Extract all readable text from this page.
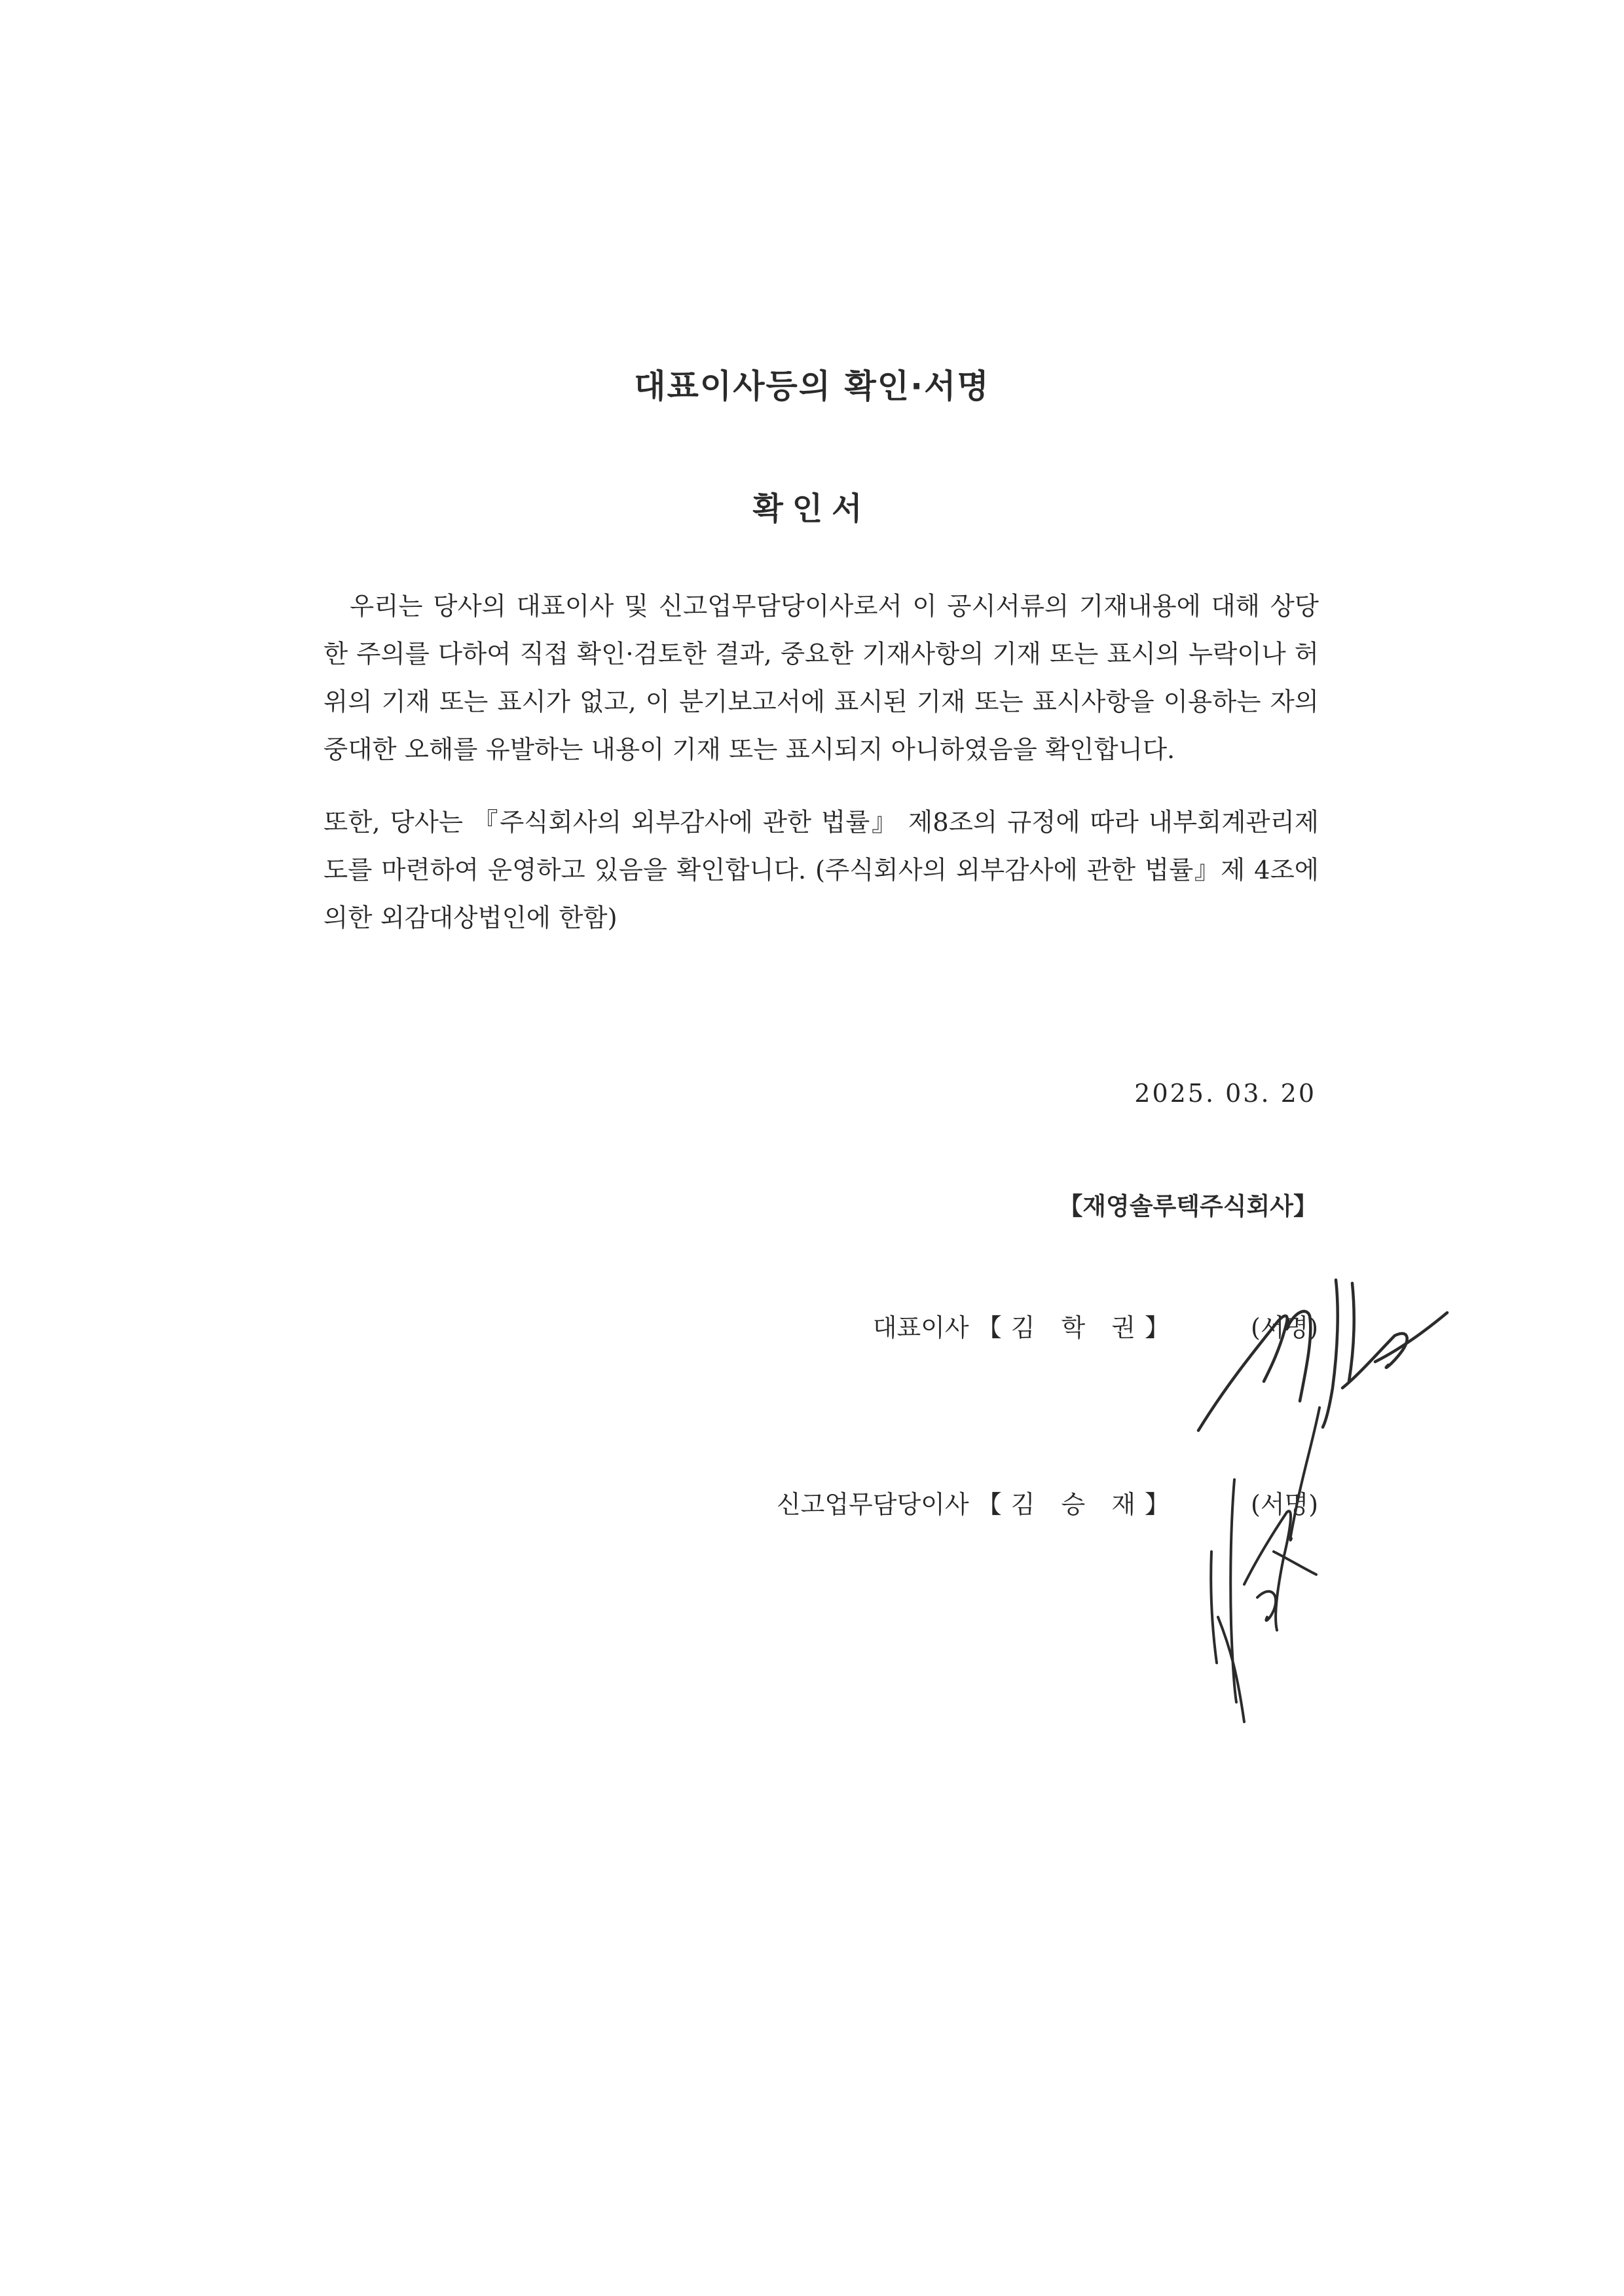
대표이사등의 확인·서명
확인서
우리는 당사의 대표이사 및 신고업무담당이사로서 이 공시서류의 기재내용에 대해 상당한 주의를 다하여 직접 확인·검토한 결과, 중요한 기재사항의 기재 또는 표시의 누락이나 허위의 기재 또는 표시가 없고, 이 분기보고서에 표시된 기재 또는 표시사항을 이용하는 자의 중대한 오해를 유발하는 내용이 기재 또는 표시되지 아니하였음을 확인합니다.
또한, 당사는 『주식회사의 외부감사에 관한 법률』 제8조의 규정에 따라 내부회계관리제도를 마련하여 운영하고 있음을 확인합니다. (주식회사의 외부감사에 관한 법률』제 4조에 의한 외감대상법인에 한함)
2025. 03. 20
【재영솔루텍주식회사】
대표이사 【김 학 권】	(서명)
신고업무담당이사 【김 승 재】	(서명)
